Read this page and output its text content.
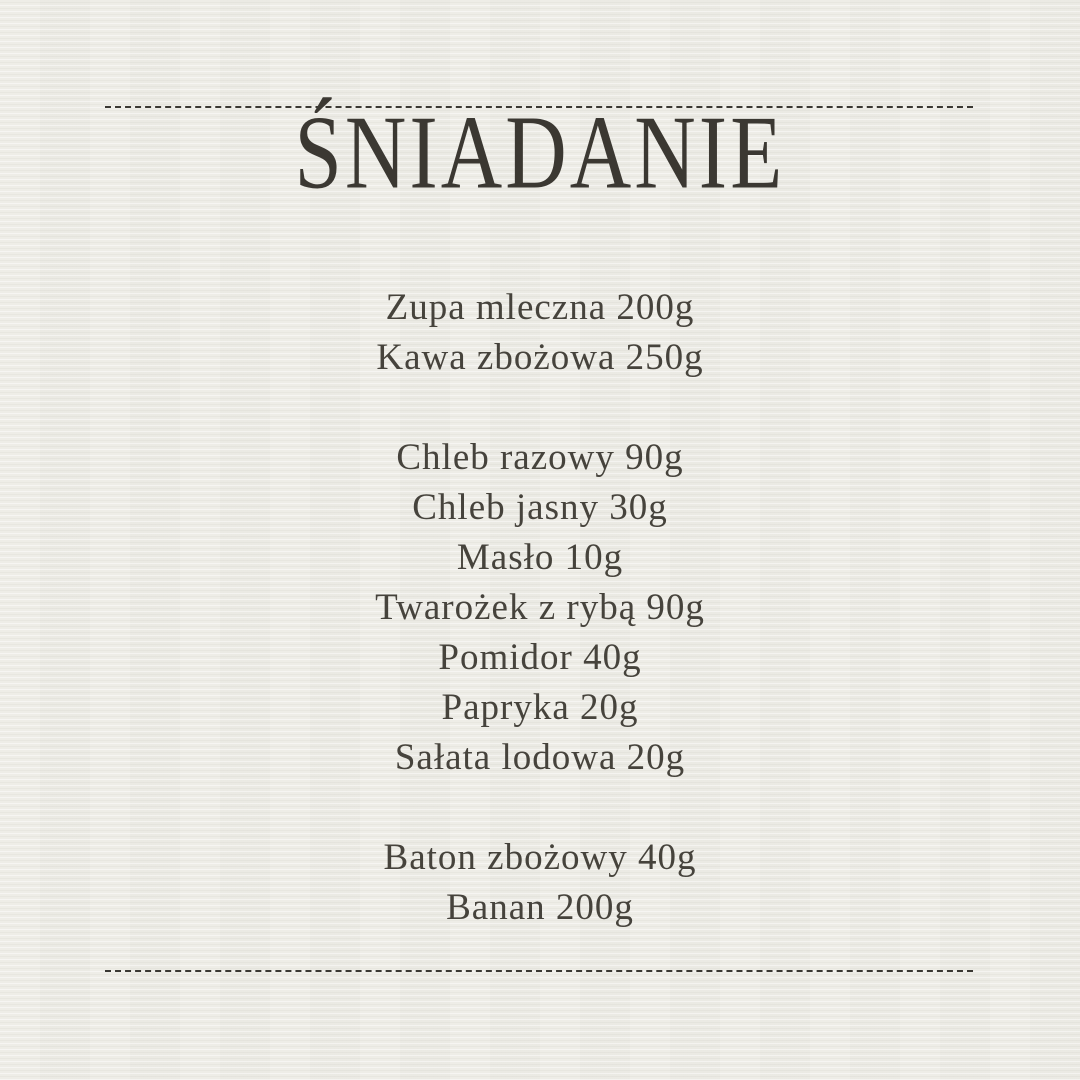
ŚNIADANIE
Zupa mleczna 200g
Kawa zbożowa 250g
Chleb razowy 90g
Chleb jasny 30g
Masło 10g
Twarożek z rybą 90g
Pomidor 40g
Papryka 20g
Sałata lodowa 20g
Baton zbożowy 40g
Banan 200g
